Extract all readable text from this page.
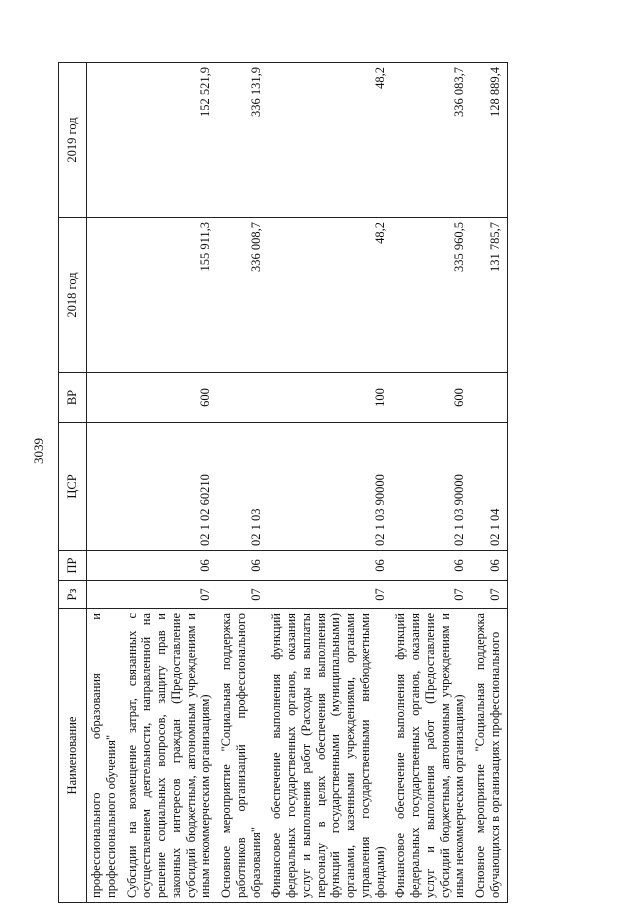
3039
Наименование	Рз	ПР	ЦСР	ВР	2018 год	2019 год
профессионального образования и профессионального обучения"						
Субсидии на возмещение затрат, связанных с осуществлением деятельности, направленной на решение социальных вопросов, защиту прав и законных интересов граждан (Предоставление субсидий бюджетным, автономным учреждениям и иным некоммерческим организациям)	07	06	02 1 02 60210	600	155 911,3	152 521,9
Основное мероприятие "Социальная поддержка работников организаций профессионального образования"	07	06	02 1 03		336 008,7	336 131,9
Финансовое обеспечение выполнения функций федеральных государственных органов, оказания услуг и выполнения работ (Расходы на выплаты персоналу в целях обеспечения выполнения функций государственными (муниципальными) органами, казенными учреждениями, органами управления государственными внебюджетными фондами)	07	06	02 1 03 90000	100	48,2	48,2
Финансовое обеспечение выполнения функций федеральных государственных органов, оказания услуг и выполнения работ (Предоставление субсидий бюджетным, автономным учреждениям и иным некоммерческим организациям)	07	06	02 1 03 90000	600	335 960,5	336 083,7
Основное мероприятие "Социальная поддержка обучающихся в организациях профессионального	07	06	02 1 04		131 785,7	128 889,4
